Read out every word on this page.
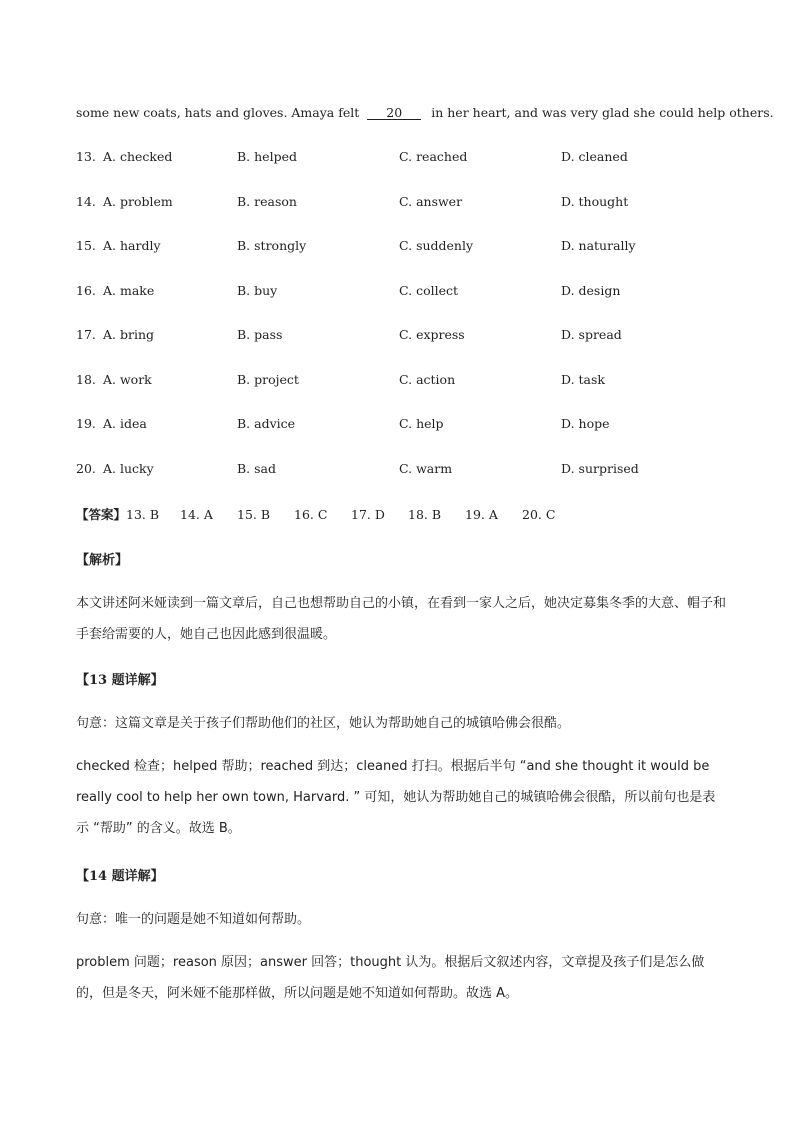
some new coats, hats and gloves. Amaya felt 20 in her heart, and was very glad she could help others.
13. A. checked	B. helped	C. reached	D. cleaned
14. A. problem	B. reason	C. answer	D. thought
15. A. hardly	B. strongly	C. suddenly	D. naturally
16. A. make	B. buy	C. collect	D. design
17. A. bring	B. pass	C. express	D. spread
18. A. work	B. project	C. action	D. task
19. A. idea	B. advice	C. help	D. hope
20. A. lucky	B. sad	C. warm	D. surprised
【答案】13. B 14. A 15. B 16. C 17. D 18. B 19. A 20. C
【解析】
本文讲述阿米娅读到一篇文章后，自己也想帮助自己的小镇，在看到一家人之后，她决定募集冬季的大意、帽子和手套给需要的人，她自己也因此感到很温暖。
【13 题详解】
句意：这篇文章是关于孩子们帮助他们的社区，她认为帮助她自己的城镇哈佛会很酷。
checked 检查；helped 帮助；reached 到达；cleaned 打扫。根据后半句 “and she thought it would be really cool to help her own town, Harvard. ” 可知，她认为帮助她自己的城镇哈佛会很酷，所以前句也是表示 “帮助” 的含义。故选 B。
【14 题详解】
句意：唯一的问题是她不知道如何帮助。
problem 问题；reason 原因；answer 回答；thought 认为。根据后文叙述内容，文章提及孩子们是怎么做的，但是冬天，阿米娅不能那样做，所以问题是她不知道如何帮助。故选 A。
